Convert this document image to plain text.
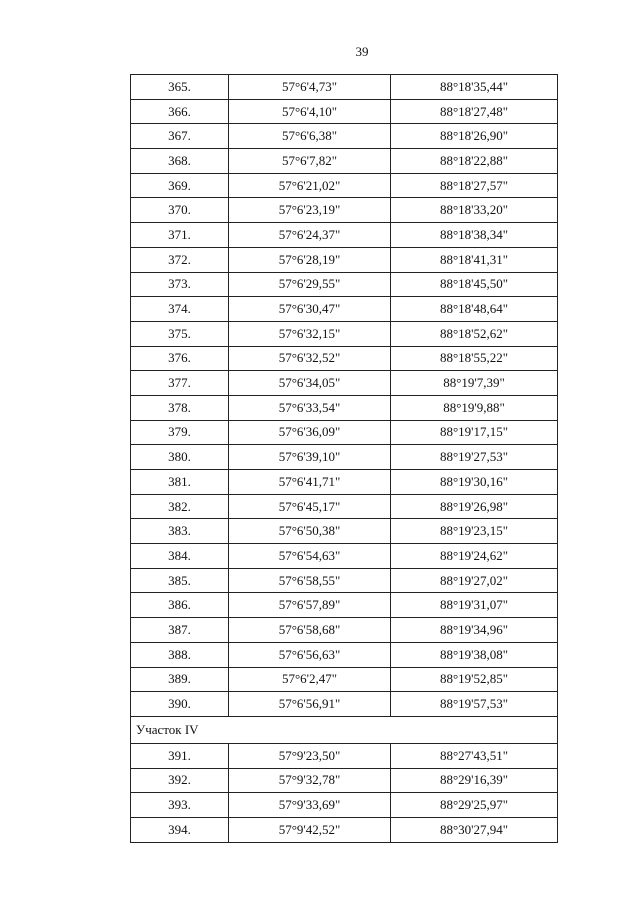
39
365.	57°6'4,73"	88°18'35,44"
366.	57°6'4,10"	88°18'27,48"
367.	57°6'6,38"	88°18'26,90"
368.	57°6'7,82"	88°18'22,88"
369.	57°6'21,02"	88°18'27,57"
370.	57°6'23,19"	88°18'33,20"
371.	57°6'24,37"	88°18'38,34"
372.	57°6'28,19"	88°18'41,31"
373.	57°6'29,55"	88°18'45,50"
374.	57°6'30,47"	88°18'48,64"
375.	57°6'32,15"	88°18'52,62"
376.	57°6'32,52"	88°18'55,22"
377.	57°6'34,05"	88°19'7,39"
378.	57°6'33,54"	88°19'9,88"
379.	57°6'36,09"	88°19'17,15"
380.	57°6'39,10"	88°19'27,53"
381.	57°6'41,71"	88°19'30,16"
382.	57°6'45,17"	88°19'26,98"
383.	57°6'50,38"	88°19'23,15"
384.	57°6'54,63"	88°19'24,62"
385.	57°6'58,55"	88°19'27,02"
386.	57°6'57,89"	88°19'31,07"
387.	57°6'58,68"	88°19'34,96"
388.	57°6'56,63"	88°19'38,08"
389.	57°6'2,47"	88°19'52,85"
390.	57°6'56,91"	88°19'57,53"
Участок IV		
391.	57°9'23,50"	88°27'43,51"
392.	57°9'32,78"	88°29'16,39"
393.	57°9'33,69"	88°29'25,97"
394.	57°9'42,52"	88°30'27,94"
